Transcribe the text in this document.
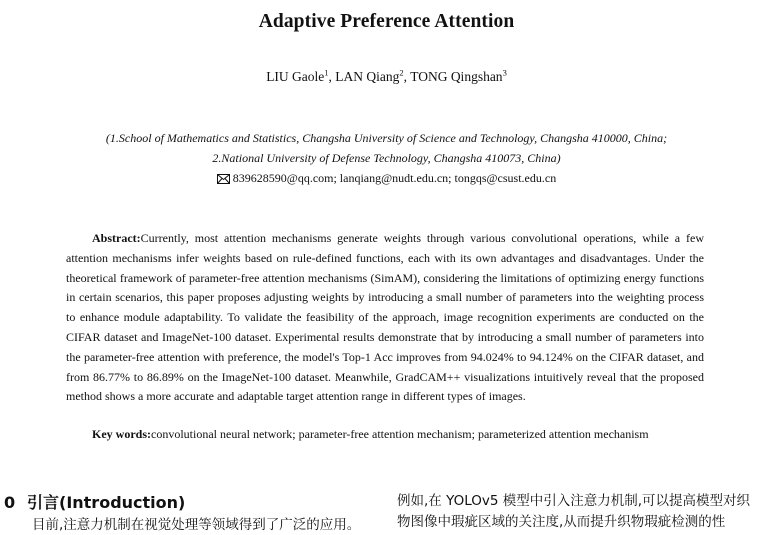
Adaptive Preference Attention
LIU Gaole$^1$, LAN Qiang$^2$, TONG Qingshan$^3$
(1.School of Mathematics and Statistics, Changsha University of Science and Technology, Changsha 410000, China;
2.National University of Defense Technology, Changsha 410073, China)
839628590@qq.com; lanqiang@nudt.edu.cn; tongqs@csust.edu.cn
Abstract:Currently, most attention mechanisms generate weights through various convolutional operations, while a few attention mechanisms infer weights based on rule-defined functions, each with its own advantages and disadvantages. Under the theoretical framework of parameter-free attention mechanisms (SimAM), considering the limitations of optimizing energy functions in certain scenarios, this paper proposes adjusting weights by introducing a small number of parameters into the weighting process to enhance module adaptability. To validate the feasibility of the approach, image recognition experiments are conducted on the CIFAR dataset and ImageNet-100 dataset. Experimental results demonstrate that by introducing a small number of parameters into the parameter-free attention with preference, the model's Top-1 Acc improves from 94.024% to 94.124% on the CIFAR dataset, and from 86.77% to 86.89% on the ImageNet-100 dataset. Meanwhile, GradCAM++ visualizations intuitively reveal that the proposed method shows a more accurate and adaptable target attention range in different types of images.
Key words:convolutional neural network; parameter-free attention mechanism; parameterized attention mechanism
0 引言(Introduction)
目前,注意力机制在视觉处理等领域得到了广泛的应用。
例如,在 YOLOv5 模型中引入注意力机制,可以提高模型对织
物图像中瑕疵区域的关注度,从而提升织物瑕疵检测的性
